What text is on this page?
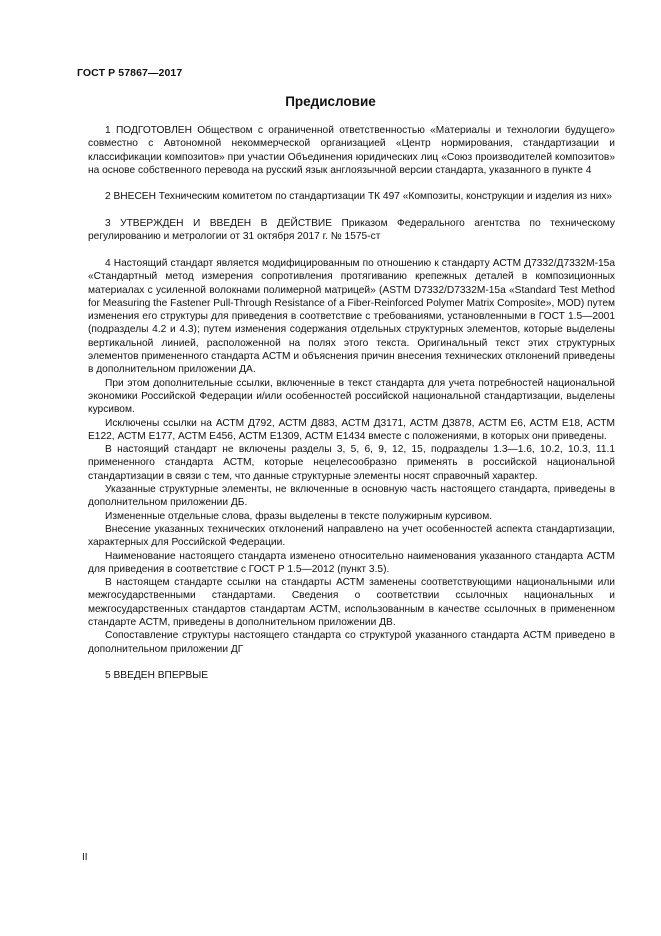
ГОСТ Р 57867—2017
Предисловие

1 ПОДГОТОВЛЕН Обществом с ограниченной ответственностью «Материалы и технологии будущего» совместно с Автономной некоммерческой организацией «Центр нормирования, стандартизации и классификации композитов» при участии Объединения юридических лиц «Союз производителей композитов» на основе собственного перевода на русский язык англоязычной версии стандарта, указанного в пункте 4

2 ВНЕСЕН Техническим комитетом по стандартизации ТК 497 «Композиты, конструкции и изделия из них»

3 УТВЕРЖДЕН И ВВЕДЕН В ДЕЙСТВИЕ Приказом Федерального агентства по техническому регулированию и метрологии от 31 октября 2017 г. № 1575-ст

4 Настоящий стандарт является модифицированным по отношению к стандарту АСТМ Д7332/Д7332М-15а «Стандартный метод измерения сопротивления протягиванию крепежных деталей в композиционных материалах с усиленной волокнами полимерной матрицей» (ASTM D7332/D7332M-15a «Standard Test Method for Measuring the Fastener Pull-Through Resistance of a Fiber-Reinforced Polymer Matrix Composite», MOD) путем изменения его структуры для приведения в соответствие с требованиями, установленными в ГОСТ 1.5—2001 (подразделы 4.2 и 4.3); путем изменения содержания отдельных структурных элементов, которые выделены вертикальной линией, расположенной на полях этого текста. Оригинальный текст этих структурных элементов примененного стандарта АСТМ и объяснения причин внесения технических отклонений приведены в дополнительном приложении ДА.

При этом дополнительные ссылки, включенные в текст стандарта для учета потребностей национальной экономики Российской Федерации и/или особенностей российской национальной стандартизации, выделены курсивом.

Исключены ссылки на АСТМ Д792, АСТМ Д883, АСТМ Д3171, АСТМ Д3878, АСТМ Е6, АСТМ Е18, АСТМ Е122, АСТМ Е177, АСТМ Е456, АСТМ Е1309, АСТМ Е1434 вместе с положениями, в которых они приведены.

В настоящий стандарт не включены разделы 3, 5, 6, 9, 12, 15, подразделы 1.3—1.6, 10.2, 10.3, 11.1 примененного стандарта АСТМ, которые нецелесообразно применять в российской национальной стандартизации в связи с тем, что данные структурные элементы носят справочный характер.

Указанные структурные элементы, не включенные в основную часть настоящего стандарта, приведены в дополнительном приложении ДБ.

Измененные отдельные слова, фразы выделены в тексте полужирным курсивом.

Внесение указанных технических отклонений направлено на учет особенностей аспекта стандартизации, характерных для Российской Федерации.

Наименование настоящего стандарта изменено относительно наименования указанного стандарта АСТМ для приведения в соответствие с ГОСТ Р 1.5—2012 (пункт 3.5).

В настоящем стандарте ссылки на стандарты АСТМ заменены соответствующими национальными или межгосударственными стандартами. Сведения о соответствии ссылочных национальных и межгосударственных стандартов стандартам АСТМ, использованным в качестве ссылочных в примененном стандарте АСТМ, приведены в дополнительном приложении ДВ.

Сопоставление структуры настоящего стандарта со структурой указанного стандарта АСТМ приведено в дополнительном приложении ДГ

5 ВВЕДЕН ВПЕРВЫЕ

II
